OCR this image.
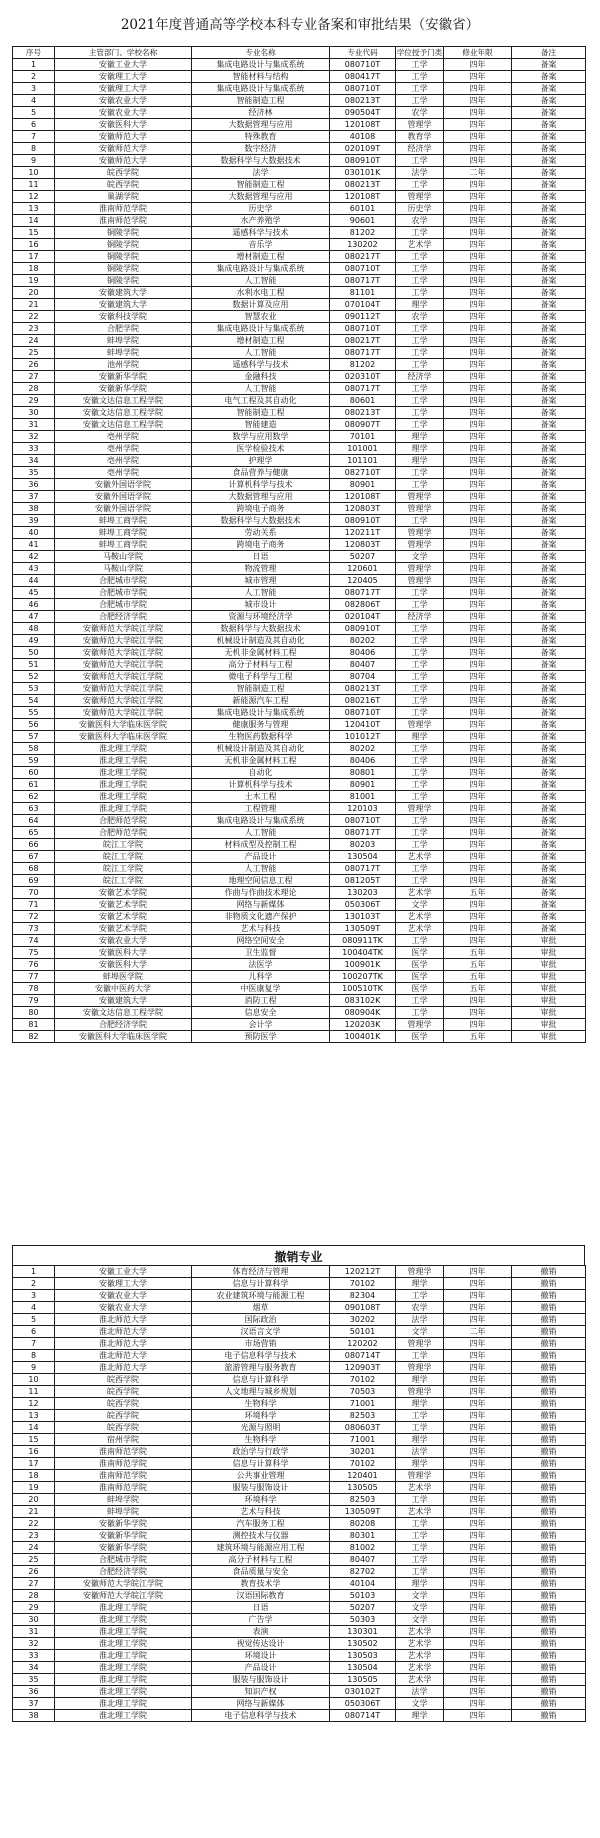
2021年度普通高等学校本科专业备案和审批结果（安徽省）
序号	主管部门、学校名称	专业名称	专业代码	学位授予门类	修业年限	备注
1	安徽工业大学	集成电路设计与集成系统	080710T	工学	四年	备案
2	安徽理工大学	智能材料与结构	080417T	工学	四年	备案
3	安徽理工大学	集成电路设计与集成系统	080710T	工学	四年	备案
4	安徽农业大学	智能制造工程	080213T	工学	四年	备案
5	安徽农业大学	经济林	090504T	农学	四年	备案
6	安徽医科大学	大数据管理与应用	120108T	管理学	四年	备案
7	安徽师范大学	特殊教育	40108	教育学	四年	备案
8	安徽师范大学	数字经济	020109T	经济学	四年	备案
9	安徽师范大学	数据科学与大数据技术	080910T	工学	四年	备案
10	皖西学院	法学	030101K	法学	二年	备案
11	皖西学院	智能制造工程	080213T	工学	四年	备案
12	巢湖学院	大数据管理与应用	120108T	管理学	四年	备案
13	淮南师范学院	历史学	60101	历史学	四年	备案
14	淮南师范学院	水产养殖学	90601	农学	四年	备案
15	铜陵学院	遥感科学与技术	81202	工学	四年	备案
16	铜陵学院	音乐学	130202	艺术学	四年	备案
17	铜陵学院	增材制造工程	080217T	工学	四年	备案
18	铜陵学院	集成电路设计与集成系统	080710T	工学	四年	备案
19	铜陵学院	人工智能	080717T	工学	四年	备案
20	安徽建筑大学	水利水电工程	81101	工学	四年	备案
21	安徽建筑大学	数据计算及应用	070104T	理学	四年	备案
22	安徽科技学院	智慧农业	090112T	农学	四年	备案
23	合肥学院	集成电路设计与集成系统	080710T	工学	四年	备案
24	蚌埠学院	增材制造工程	080217T	工学	四年	备案
25	蚌埠学院	人工智能	080717T	工学	四年	备案
26	池州学院	遥感科学与技术	81202	工学	四年	备案
27	安徽新华学院	金融科技	020310T	经济学	四年	备案
28	安徽新华学院	人工智能	080717T	工学	四年	备案
29	安徽文达信息工程学院	电气工程及其自动化	80601	工学	四年	备案
30	安徽文达信息工程学院	智能制造工程	080213T	工学	四年	备案
31	安徽文达信息工程学院	智能建造	080907T	工学	四年	备案
32	亳州学院	数学与应用数学	70101	理学	四年	备案
33	亳州学院	医学检验技术	101001	理学	四年	备案
34	亳州学院	护理学	101101	理学	四年	备案
35	亳州学院	食品营养与健康	082710T	工学	四年	备案
36	安徽外国语学院	计算机科学与技术	80901	工学	四年	备案
37	安徽外国语学院	大数据管理与应用	120108T	管理学	四年	备案
38	安徽外国语学院	跨境电子商务	120803T	管理学	四年	备案
39	蚌埠工商学院	数据科学与大数据技术	080910T	工学	四年	备案
40	蚌埠工商学院	劳动关系	120211T	管理学	四年	备案
41	蚌埠工商学院	跨境电子商务	120803T	管理学	四年	备案
42	马鞍山学院	日语	50207	文学	四年	备案
43	马鞍山学院	物流管理	120601	管理学	四年	备案
44	合肥城市学院	城市管理	120405	管理学	四年	备案
45	合肥城市学院	人工智能	080717T	工学	四年	备案
46	合肥城市学院	城市设计	082806T	工学	四年	备案
47	合肥经济学院	资源与环境经济学	020104T	经济学	四年	备案
48	安徽师范大学皖江学院	数据科学与大数据技术	080910T	工学	四年	备案
49	安徽师范大学皖江学院	机械设计制造及其自动化	80202	工学	四年	备案
50	安徽师范大学皖江学院	无机非金属材料工程	80406	工学	四年	备案
51	安徽师范大学皖江学院	高分子材料与工程	80407	工学	四年	备案
52	安徽师范大学皖江学院	微电子科学与工程	80704	工学	四年	备案
53	安徽师范大学皖江学院	智能制造工程	080213T	工学	四年	备案
54	安徽师范大学皖江学院	新能源汽车工程	080216T	工学	四年	备案
55	安徽师范大学皖江学院	集成电路设计与集成系统	080710T	工学	四年	备案
56	安徽医科大学临床医学院	健康服务与管理	120410T	管理学	四年	备案
57	安徽医科大学临床医学院	生物医药数据科学	101012T	理学	四年	备案
58	淮北理工学院	机械设计制造及其自动化	80202	工学	四年	备案
59	淮北理工学院	无机非金属材料工程	80406	工学	四年	备案
60	淮北理工学院	自动化	80801	工学	四年	备案
61	淮北理工学院	计算机科学与技术	80901	工学	四年	备案
62	淮北理工学院	土木工程	81001	工学	四年	备案
63	淮北理工学院	工程管理	120103	管理学	四年	备案
64	合肥师范学院	集成电路设计与集成系统	080710T	工学	四年	备案
65	合肥师范学院	人工智能	080717T	工学	四年	备案
66	皖江工学院	材料成型及控制工程	80203	工学	四年	备案
67	皖江工学院	产品设计	130504	艺术学	四年	备案
68	皖江工学院	人工智能	080717T	工学	四年	备案
69	皖江工学院	地理空间信息工程	081205T	工学	四年	备案
70	安徽艺术学院	作曲与作曲技术理论	130203	艺术学	五年	备案
71	安徽艺术学院	网络与新媒体	050306T	文学	四年	备案
72	安徽艺术学院	非物质文化遗产保护	130103T	艺术学	四年	备案
73	安徽艺术学院	艺术与科技	130509T	艺术学	四年	备案
74	安徽农业大学	网络空间安全	080911TK	工学	四年	审批
75	安徽医科大学	卫生监督	100404TK	医学	五年	审批
76	安徽医科大学	法医学	100901K	医学	五年	审批
77	蚌埠医学院	儿科学	100207TK	医学	五年	审批
78	安徽中医药大学	中医康复学	100510TK	医学	五年	审批
79	安徽建筑大学	消防工程	083102K	工学	四年	审批
80	安徽文达信息工程学院	信息安全	080904K	工学	四年	审批
81	合肥经济学院	会计学	120203K	管理学	四年	审批
82	安徽医科大学临床医学院	预防医学	100401K	医学	五年	审批
撤销专业
1	安徽工业大学	体育经济与管理	120212T	管理学	四年	撤销
2	安徽理工大学	信息与计算科学	70102	理学	四年	撤销
3	安徽农业大学	农业建筑环境与能源工程	82304	工学	四年	撤销
4	安徽农业大学	烟草	090108T	农学	四年	撤销
5	淮北师范大学	国际政治	30202	法学	四年	撤销
6	淮北师范大学	汉语言文学	50101	文学	二年	撤销
7	淮北师范大学	市场营销	120202	管理学	四年	撤销
8	淮北师范大学	电子信息科学与技术	080714T	工学	四年	撤销
9	淮北师范大学	旅游管理与服务教育	120903T	管理学	四年	撤销
10	皖西学院	信息与计算科学	70102	理学	四年	撤销
11	皖西学院	人文地理与城乡规划	70503	管理学	四年	撤销
12	皖西学院	生物科学	71001	理学	四年	撤销
13	皖西学院	环境科学	82503	工学	四年	撤销
14	皖西学院	光源与照明	080603T	工学	四年	撤销
15	宿州学院	生物科学	71001	理学	四年	撤销
16	淮南师范学院	政治学与行政学	30201	法学	四年	撤销
17	淮南师范学院	信息与计算科学	70102	理学	四年	撤销
18	淮南师范学院	公共事业管理	120401	管理学	四年	撤销
19	淮南师范学院	服装与服饰设计	130505	艺术学	四年	撤销
20	蚌埠学院	环境科学	82503	工学	四年	撤销
21	蚌埠学院	艺术与科技	130509T	艺术学	四年	撤销
22	安徽新华学院	汽车服务工程	80208	工学	四年	撤销
23	安徽新华学院	测控技术与仪器	80301	工学	四年	撤销
24	安徽新华学院	建筑环境与能源应用工程	81002	工学	四年	撤销
25	合肥城市学院	高分子材料与工程	80407	工学	四年	撤销
26	合肥经济学院	食品质量与安全	82702	工学	四年	撤销
27	安徽师范大学皖江学院	教育技术学	40104	理学	四年	撤销
28	安徽师范大学皖江学院	汉语国际教育	50103	文学	四年	撤销
29	淮北理工学院	日语	50207	文学	四年	撤销
30	淮北理工学院	广告学	50303	文学	四年	撤销
31	淮北理工学院	表演	130301	艺术学	四年	撤销
32	淮北理工学院	视觉传达设计	130502	艺术学	四年	撤销
33	淮北理工学院	环境设计	130503	艺术学	四年	撤销
34	淮北理工学院	产品设计	130504	艺术学	四年	撤销
35	淮北理工学院	服装与服饰设计	130505	艺术学	四年	撤销
36	淮北理工学院	知识产权	030102T	法学	四年	撤销
37	淮北理工学院	网络与新媒体	050306T	文学	四年	撤销
38	淮北理工学院	电子信息科学与技术	080714T	理学	四年	撤销
